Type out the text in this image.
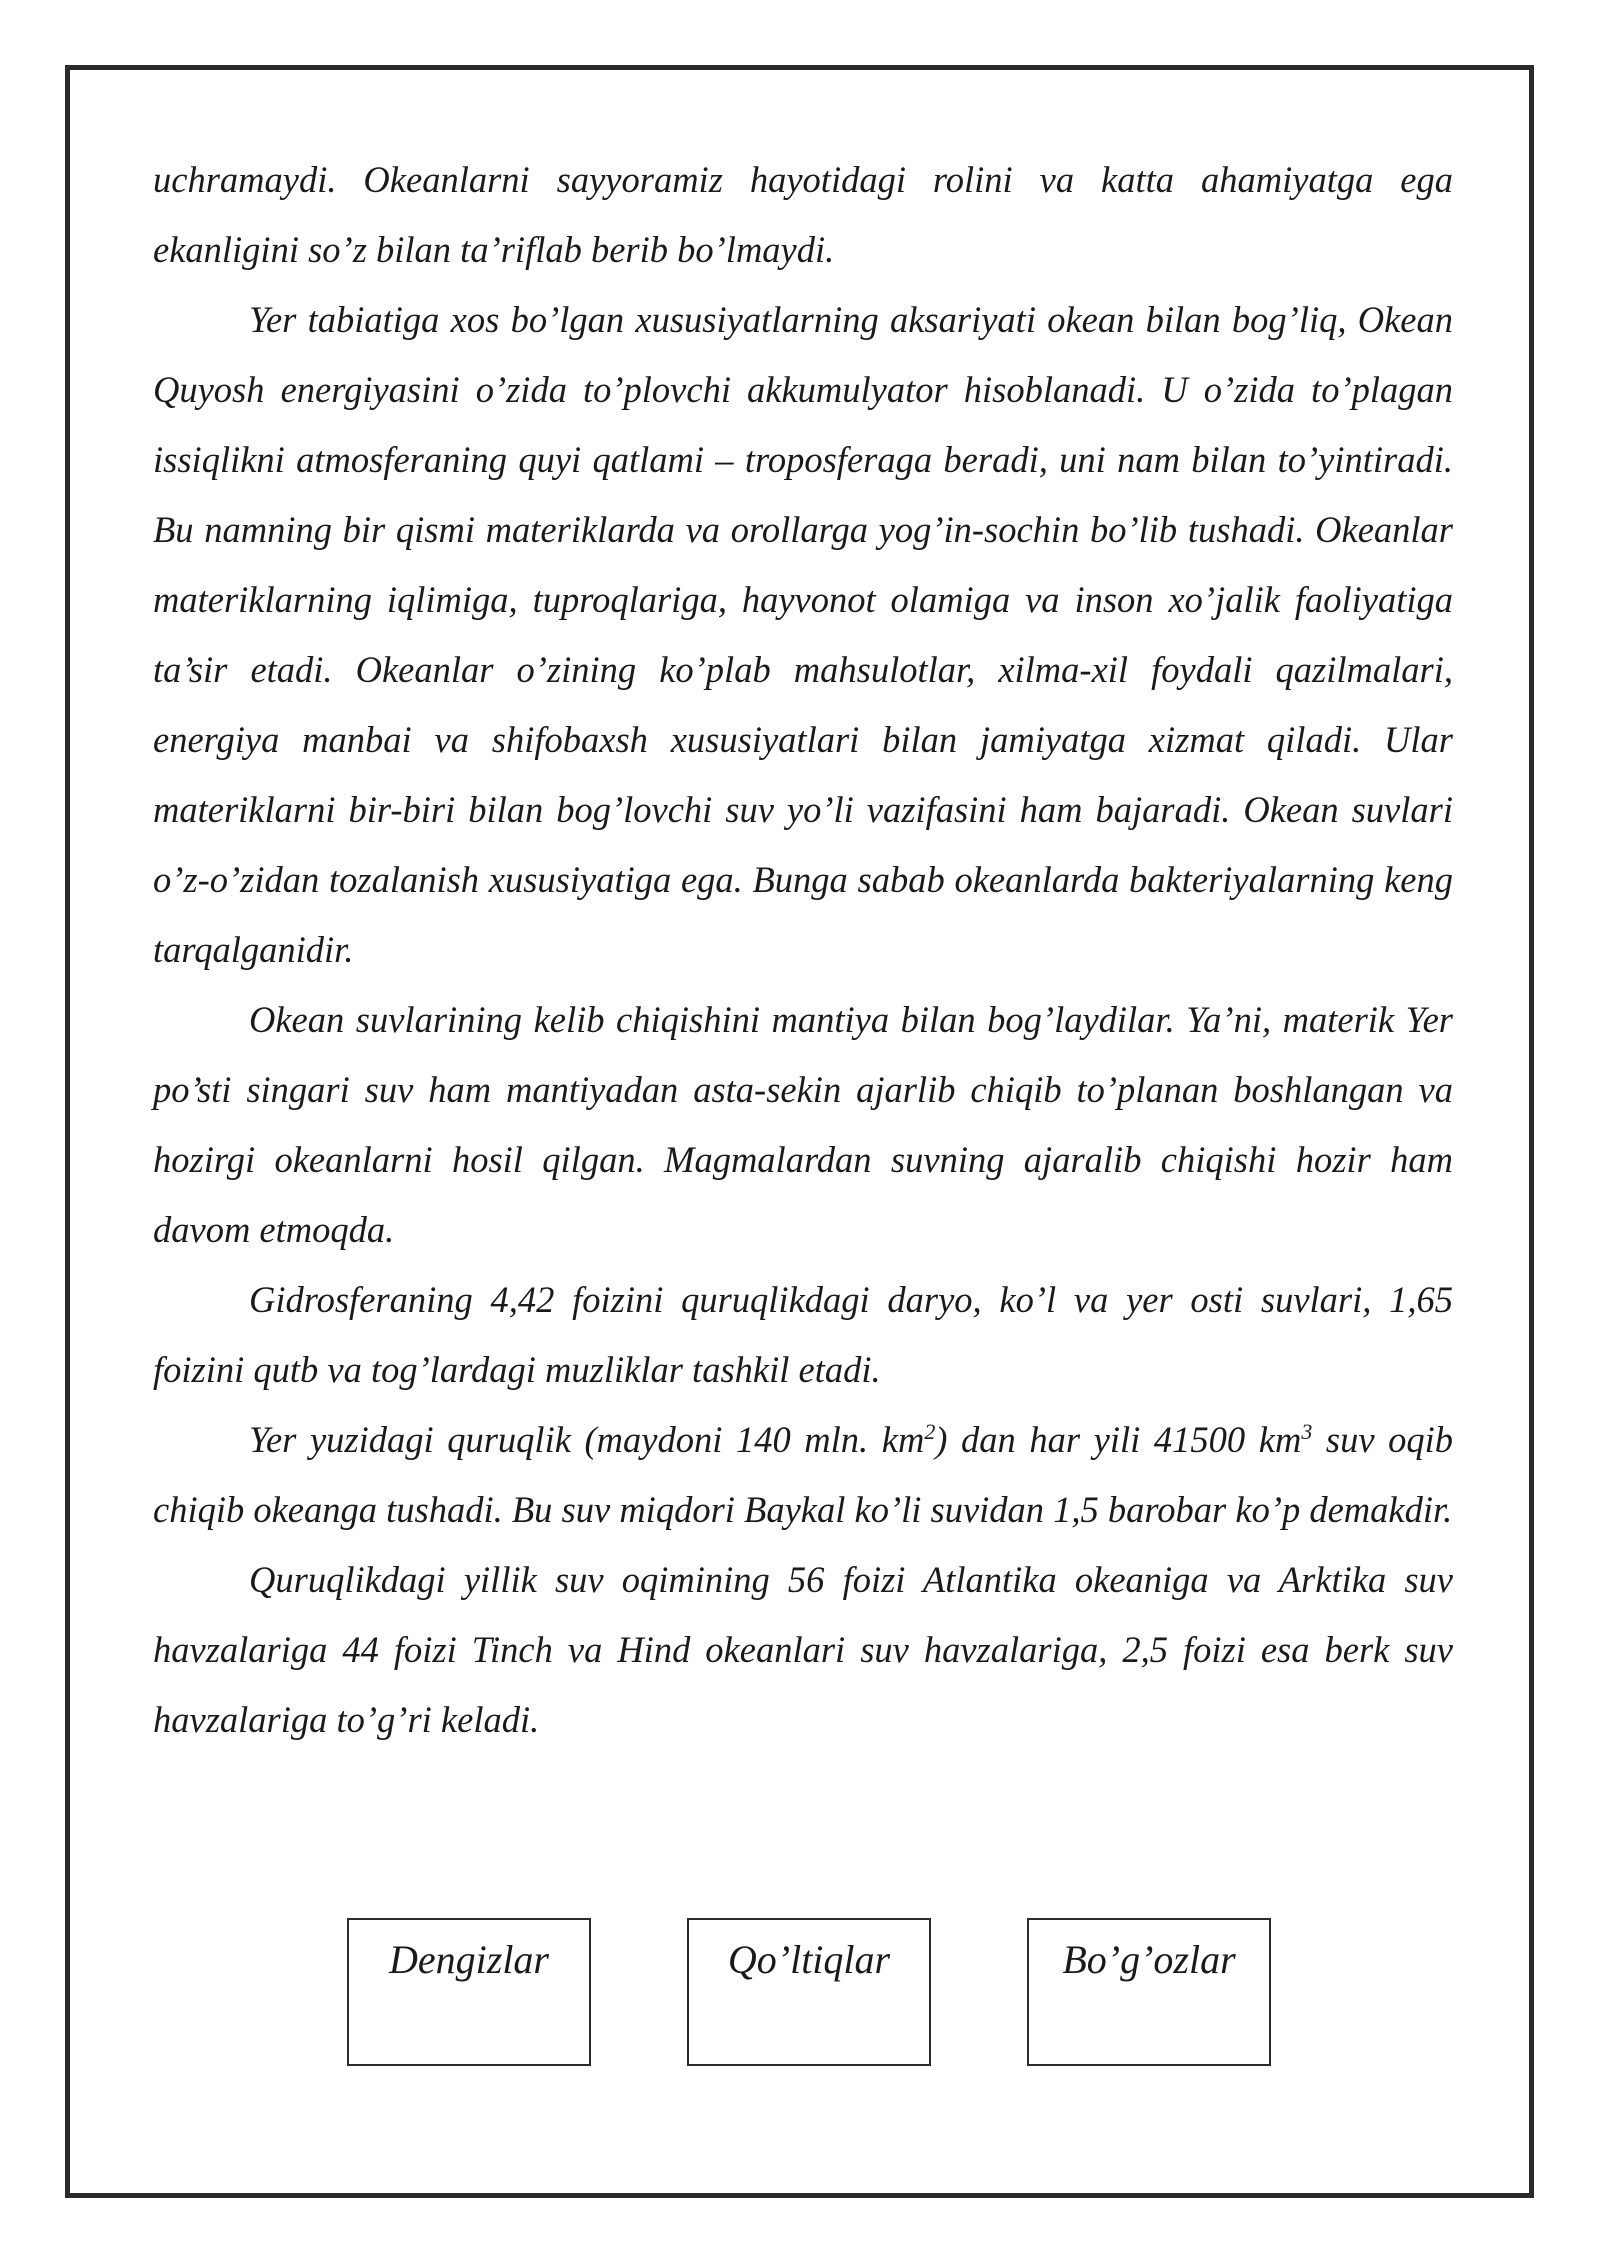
uchramaydi. Okeanlarni sayyoramiz hayotidagi rolini va katta ahamiyatga ega ekanligini so’z bilan ta’riflab berib bo’lmaydi.

Yer tabiatiga xos bo’lgan xususiyatlarning aksariyati okean bilan bog’liq, Okean Quyosh energiyasini o’zida to’plovchi akkumulyator hisoblanadi. U o’zida to’plagan issiqlikni atmosferaning quyi qatlami – troposferaga beradi, uni nam bilan to’yintiradi. Bu namning bir qismi materiklarda va orollarga yog’in-sochin bo’lib tushadi. Okeanlar materiklarning iqlimiga, tuproqlariga, hayvonot olamiga va inson xo’jalik faoliyatiga ta’sir etadi. Okeanlar o’zining ko’plab mahsulotlar, xilma-xil foydali qazilmalari, energiya manbai va shifobaxsh xususiyatlari bilan jamiyatga xizmat qiladi. Ular materiklarni bir-biri bilan bog’lovchi suv yo’li vazifasini ham bajaradi. Okean suvlari o’z-o’zidan tozalanish xususiyatiga ega. Bunga sabab okeanlarda bakteriyalarning keng tarqalganidir.

Okean suvlarining kelib chiqishini mantiya bilan bog’laydilar. Ya’ni, materik Yer po’sti singari suv ham mantiyadan asta-sekin ajarlib chiqib to’planan boshlangan va hozirgi okeanlarni hosil qilgan. Magmalardan suvning ajaralib chiqishi hozir ham davom etmoqda.

Gidrosferaning 4,42 foizini quruqlikdagi daryo, ko’l va yer osti suvlari, 1,65 foizini qutb va tog’lardagi muzliklar tashkil etadi.

Yer yuzidagi quruqlik (maydoni 140 mln. $km^2$) dan har yili 41500 $km^3$ suv oqib chiqib okeanga tushadi. Bu suv miqdori Baykal ko’li suvidan 1,5 barobar ko’p demakdir.

Quruqlikdagi yillik suv oqimining 56 foizi Atlantika okeaniga va Arktika suv havzalariga 44 foizi Tinch va Hind okeanlari suv havzalariga, 2,5 foizi esa berk suv havzalariga to’g’ri keladi.

Dengizlar	Qo’ltiqlar	Bo’g’ozlar
